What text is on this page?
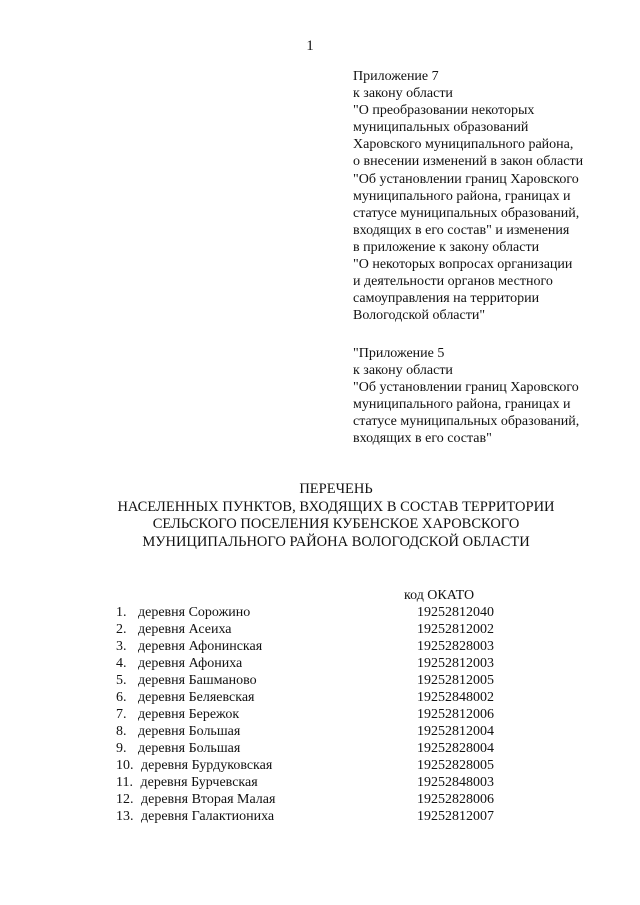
1
Приложение 7
к закону области
"О преобразовании некоторых
муниципальных образований
Харовского муниципального района,
о внесении изменений в закон области
"Об установлении границ Харовского
муниципального района, границах и
статусе муниципальных образований,
входящих в его состав" и изменения
в приложение к закону области
"О некоторых вопросах организации
и деятельности органов местного
самоуправления на территории
Вологодской области"
"Приложение 5
к закону области
"Об установлении границ Харовского
муниципального района, границах и
статусе муниципальных образований,
входящих в его состав"
ПЕРЕЧЕНЬ
НАСЕЛЕННЫХ ПУНКТОВ, ВХОДЯЩИХ В СОСТАВ ТЕРРИТОРИИ
СЕЛЬСКОГО ПОСЕЛЕНИЯ КУБЕНСКОЕ ХАРОВСКОГО
МУНИЦИПАЛЬНОГО РАЙОНА ВОЛОГОДСКОЙ ОБЛАСТИ
код ОКАТО
1. деревня Сорожино	19252812040
2. деревня Асеиха	19252812002
3. деревня Афонинская	19252828003
4. деревня Афониха	19252812003
5. деревня Башманово	19252812005
6. деревня Беляевская	19252848002
7. деревня Бережок	19252812006
8. деревня Большая	19252812004
9. деревня Большая	19252828004
10. деревня Бурдуковская	19252828005
11. деревня Бурчевская	19252848003
12. деревня Вторая Малая	19252828006
13. деревня Галактиониха	19252812007
